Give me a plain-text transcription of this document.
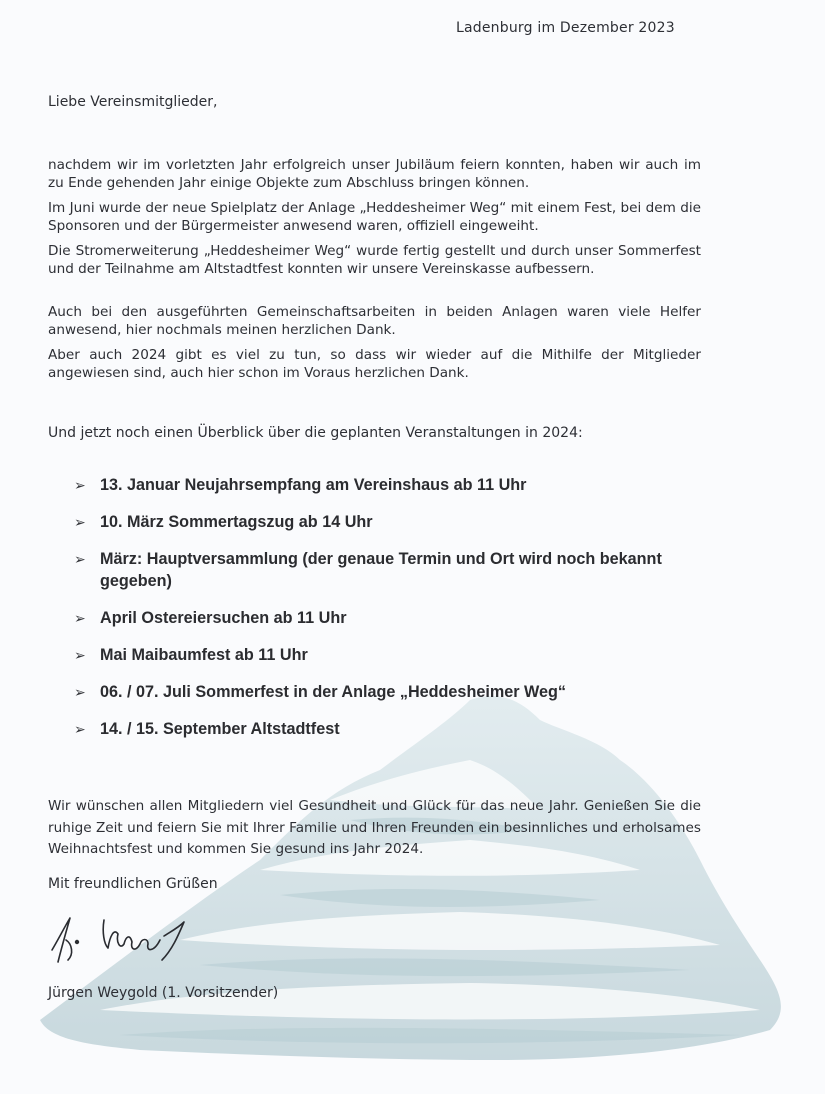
Ladenburg im Dezember 2023
Liebe Vereinsmitglieder,

nachdem wir im vorletzten Jahr erfolgreich unser Jubiläum feiern konnten, haben wir auch im zu Ende gehenden Jahr einige Objekte zum Abschluss bringen können.

Im Juni wurde der neue Spielplatz der Anlage „Heddesheimer Weg“ mit einem Fest, bei dem die Sponsoren und der Bürgermeister anwesend waren, offiziell eingeweiht.

Die Stromerweiterung „Heddesheimer Weg“ wurde fertig gestellt und durch unser Sommerfest und der Teilnahme am Altstadtfest konnten wir unsere Vereinskasse aufbessern.

Auch bei den ausgeführten Gemeinschaftsarbeiten in beiden Anlagen waren viele Helfer anwesend, hier nochmals meinen herzlichen Dank.

Aber auch 2024 gibt es viel zu tun, so dass wir wieder auf die Mithilfe der Mitglieder angewiesen sind, auch hier schon im Voraus herzlichen Dank.

Und jetzt noch einen Überblick über die geplanten Veranstaltungen in 2024:
➢ 13. Januar Neujahrsempfang am Vereinshaus ab 11 Uhr
➢ 10. März Sommertagszug ab 14 Uhr
➢ März: Hauptversammlung (der genaue Termin und Ort wird noch bekannt gegeben)
➢ April Ostereiersuchen ab 11 Uhr
➢ Mai Maibaumfest ab 11 Uhr
➢ 06. / 07. Juli Sommerfest in der Anlage „Heddesheimer Weg“
➢ 14. / 15. September Altstadtfest

Wir wünschen allen Mitgliedern viel Gesundheit und Glück für das neue Jahr. Genießen Sie die ruhige Zeit und feiern Sie mit Ihrer Familie und Ihren Freunden ein besinnliches und erholsames Weihnachtsfest und kommen Sie gesund ins Jahr 2024.

Mit freundlichen Grüßen
Jürgen Weygold (1. Vorsitzender)
